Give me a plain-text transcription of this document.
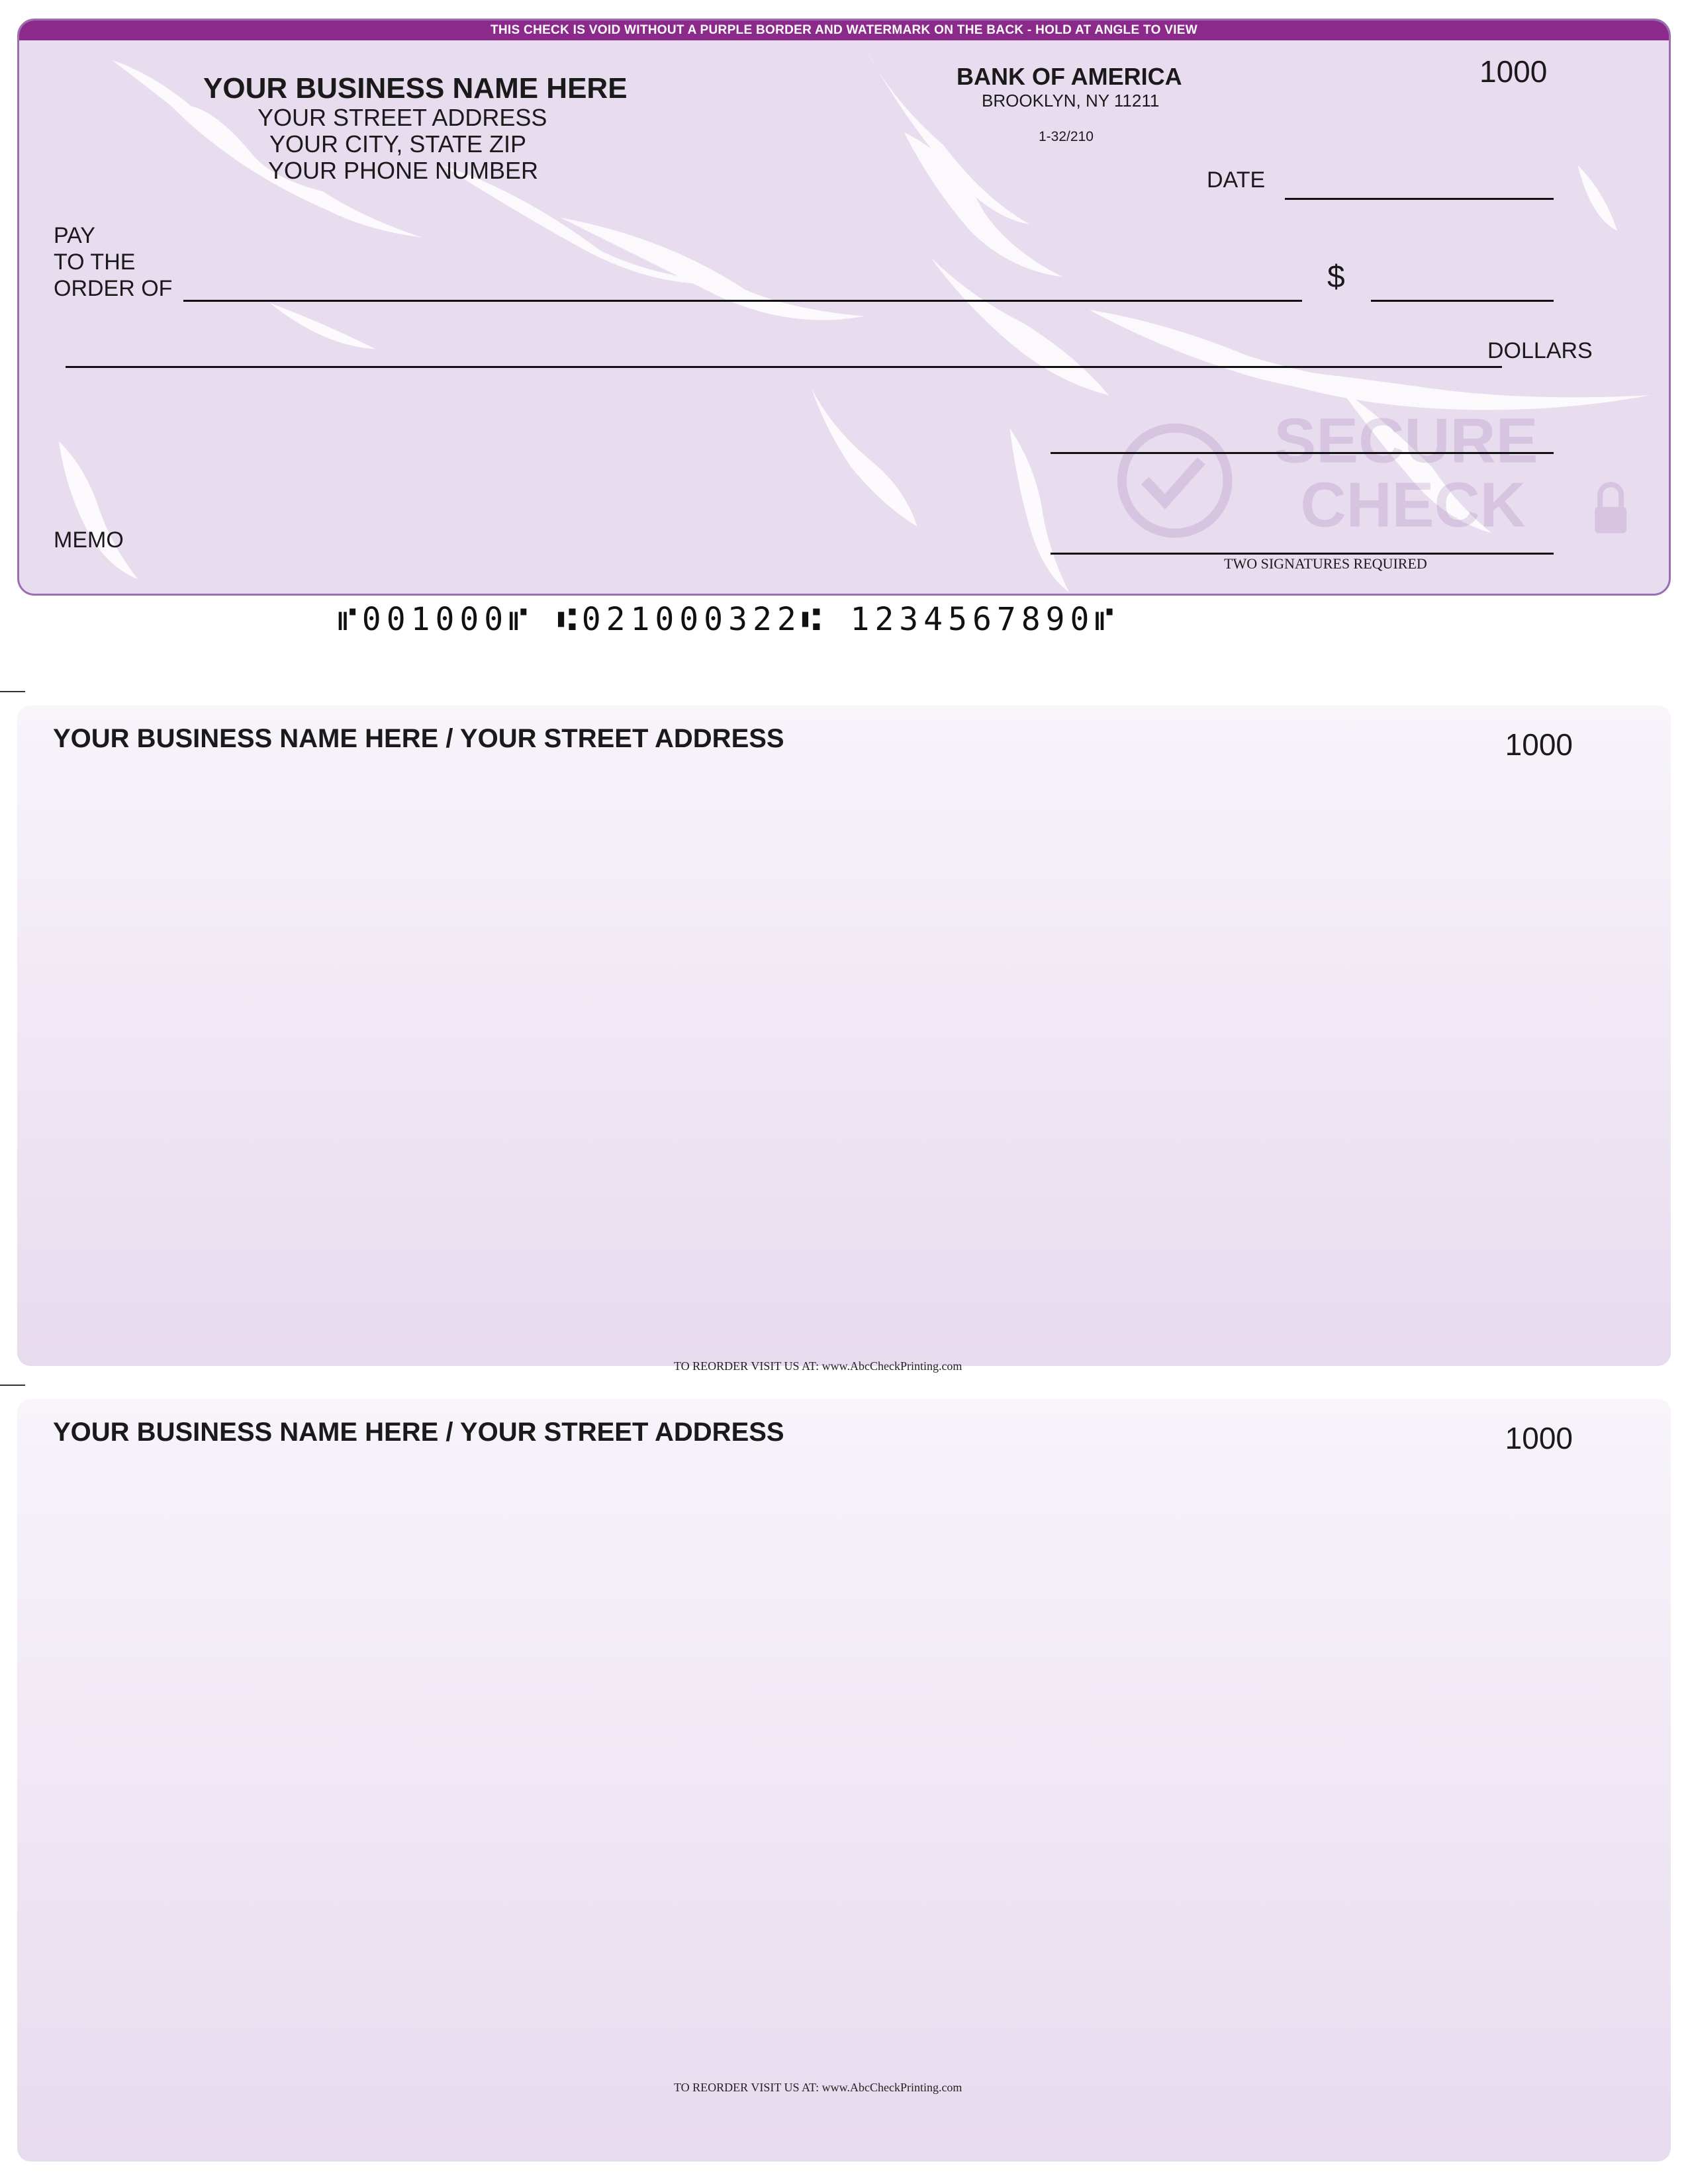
SECURE
CHECK
THIS CHECK IS VOID WITHOUT A PURPLE BORDER AND WATERMARK ON THE BACK - HOLD AT ANGLE TO VIEW
YOUR BUSINESS NAME HERE
YOUR STREET ADDRESS
YOUR CITY, STATE ZIP
YOUR PHONE NUMBER
BANK OF AMERICA
BROOKLYN, NY 11211
1-32/210
1000
DATE
PAY
TO THE
ORDER OF	$
DOLLARS
TWO SIGNATURES REQUIRED
MEMO
⑈001000⑈ ⑆021000322⑆ 1234567890⑈
YOUR BUSINESS NAME HERE / YOUR STREET ADDRESS	1000
TO REORDER VISIT US AT: www.AbcCheckPrinting.com
YOUR BUSINESS NAME HERE / YOUR STREET ADDRESS	1000
TO REORDER VISIT US AT: www.AbcCheckPrinting.com
